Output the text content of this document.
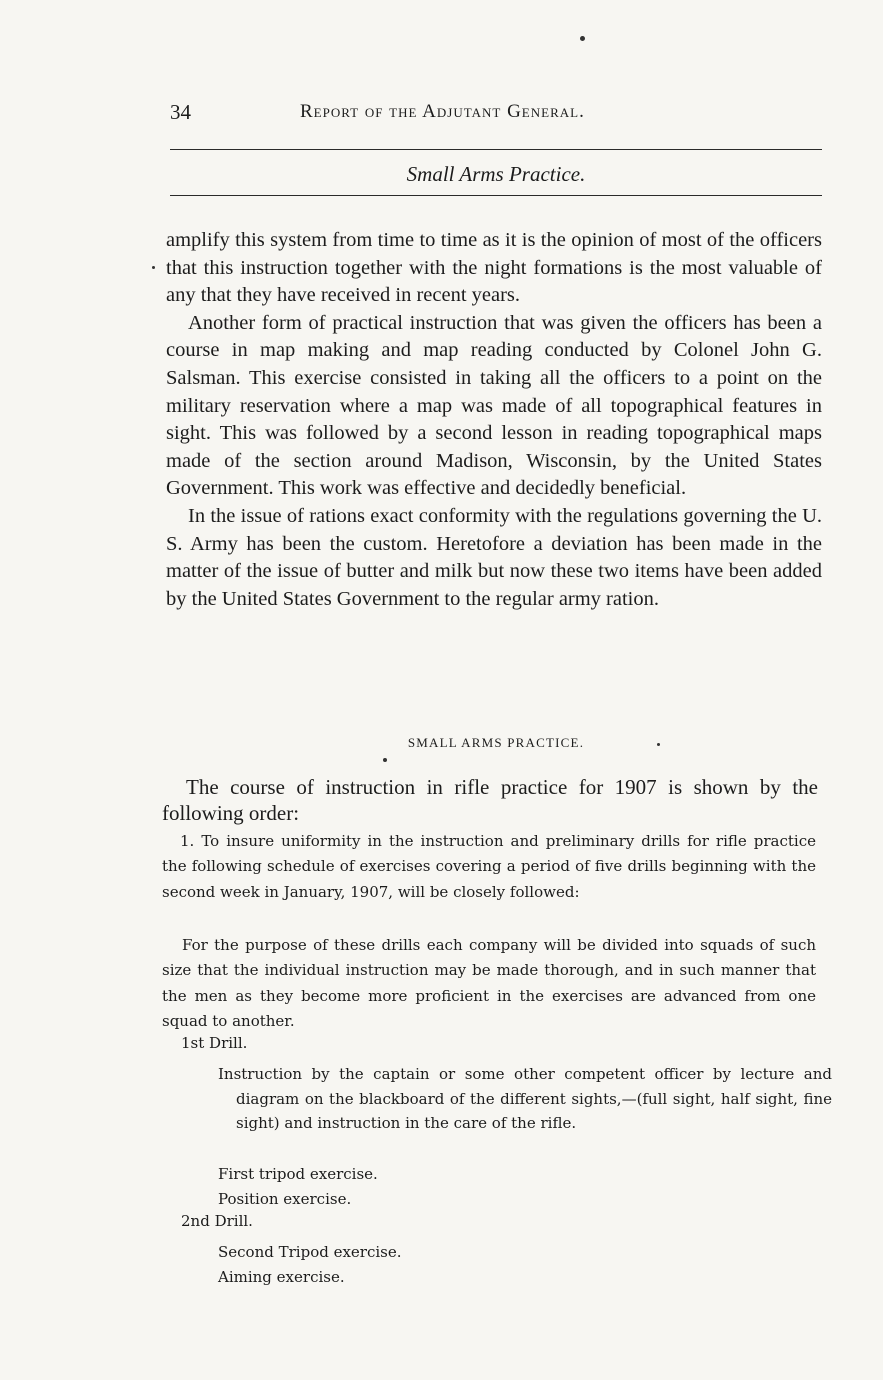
34	Report of the Adjutant General.
Small Arms Practice.

amplify this system from time to time as it is the opinion of most of the officers that this instruction together with the night formations is the most valuable of any that they have received in recent years.

Another form of practical instruction that was given the officers has been a course in map making and map reading conducted by Colonel John G. Salsman. This exercise consisted in taking all the officers to a point on the military reservation where a map was made of all topographical features in sight. This was followed by a second lesson in reading topographical maps made of the section around Madison, Wisconsin, by the United States Government. This work was effective and decidedly beneficial.

In the issue of rations exact conformity with the regulations governing the U. S. Army has been the custom. Heretofore a deviation has been made in the matter of the issue of butter and milk but now these two items have been added by the United States Government to the regular army ration.

SMALL ARMS PRACTICE.

The course of instruction in rifle practice for 1907 is shown by the following order:

1. To insure uniformity in the instruction and preliminary drills for rifle practice the following schedule of exercises covering a period of five drills beginning with the second week in January, 1907, will be closely followed:

For the purpose of these drills each company will be divided into squads of such size that the individual instruction may be made thorough, and in such manner that the men as they become more proficient in the exercises are advanced from one squad to another.

1st Drill.
Instruction by the captain or some other competent officer by lecture and diagram on the blackboard of the different sights,—(full sight, half sight, fine sight) and instruction in the care of the rifle.
First tripod exercise.
Position exercise.
2nd Drill.
Second Tripod exercise.
Aiming exercise.
